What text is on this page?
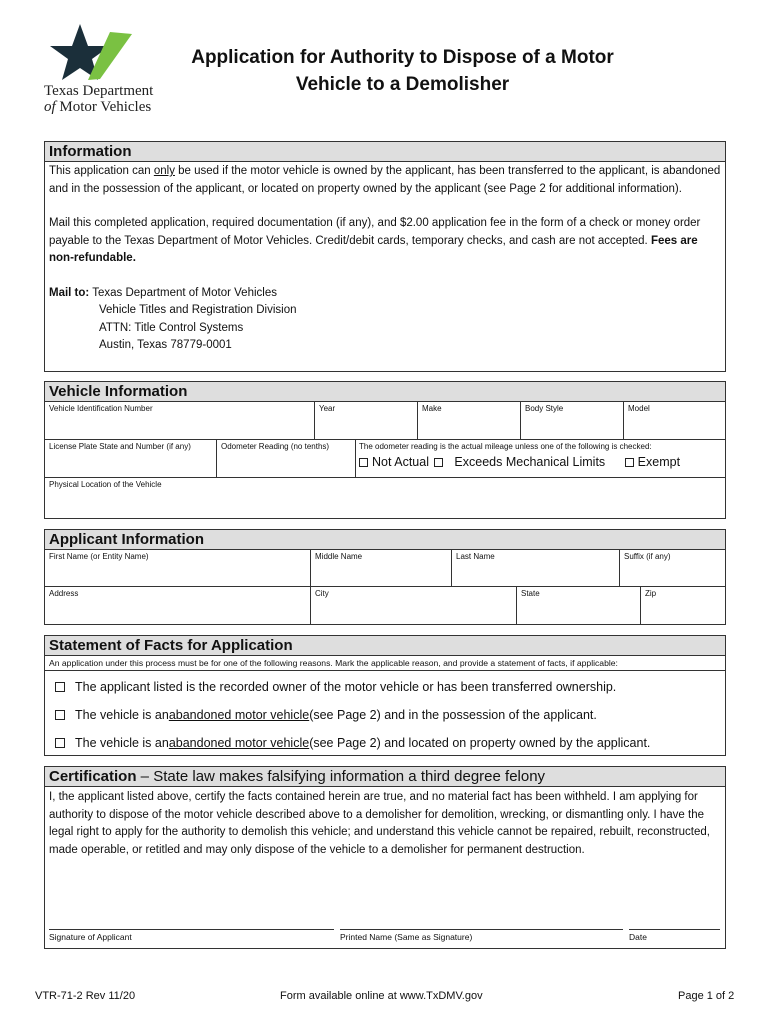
Texas Department
of Motor Vehicles
Application for Authority to Dispose of a Motor
Vehicle to a Demolisher
Information

This application can only be used if the motor vehicle is owned by the applicant, has been transferred to the applicant, is abandoned and in the possession of the applicant, or located on property owned by the applicant (see Page 2 for additional information).

Mail this completed application, required documentation (if any), and $2.00 application fee in the form of a check or money order payable to the Texas Department of Motor Vehicles. Credit/debit cards, temporary checks, and cash are not accepted. Fees are non-refundable.

Mail to: Texas Department of Motor Vehicles
Vehicle Titles and Registration Division
ATTN: Title Control Systems
Austin, Texas 78779-0001
Vehicle Information
Vehicle Identification Number	Year	Make	Body Style	Model
License Plate State and Number (if any)	Odometer Reading (no tenths)	The odometer reading is the actual mileage unless one of the following is checked:
Not Actual Exceeds Mechanical Limits	Exempt
Physical Location of the Vehicle
Applicant Information
First Name (or Entity Name)	Middle Name	Last Name	Suffix (if any)
Address	City	State	Zip
Statement of Facts for Application
An application under this process must be for one of the following reasons. Mark the applicable reason, and provide a statement of facts, if applicable:
The applicant listed is the recorded owner of the motor vehicle or has been transferred ownership.
The vehicle is an abandoned motor vehicle (see Page 2) and in the possession of the applicant.
The vehicle is an abandoned motor vehicle (see Page 2) and located on property owned by the applicant.
Certification – State law makes falsifying information a third degree felony
I, the applicant listed above, certify the facts contained herein are true, and no material fact has been withheld. I am applying for authority to dispose of the motor vehicle described above to a demolisher for demolition, wrecking, or dismantling only. I have the legal right to apply for the authority to demolish this vehicle; and understand this vehicle cannot be repaired, rebuilt, reconstructed, made operable, or retitled and may only dispose of the vehicle to a demolisher for permanent destruction.
Signature of Applicant	Printed Name (Same as Signature)	Date
VTR-71-2 Rev 11/20	Form available online at www.TxDMV.gov	Page 1 of 2
